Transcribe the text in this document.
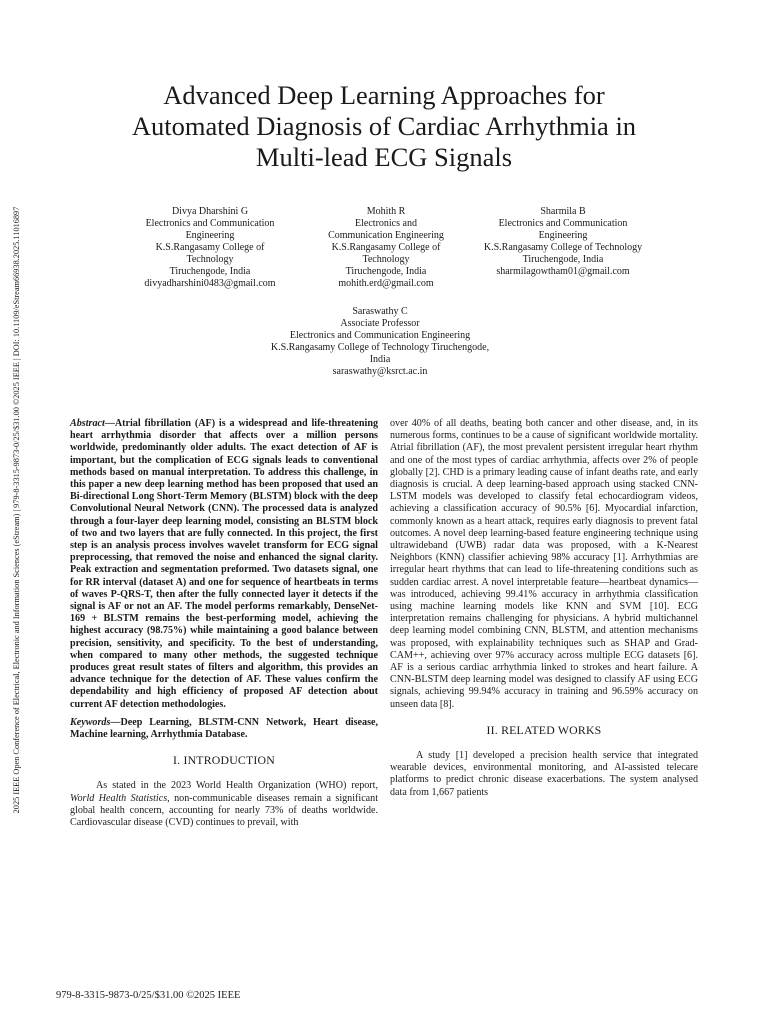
2025 IEEE Open Conference of Electrical, Electronic and Information Sciences (eStream) | 979-8-3315-9873-0/25/$31.00 ©2025 IEEE | DOI: 10.1109/eStream66938.2025.11016897
Advanced Deep Learning Approaches for
Automated Diagnosis of Cardiac Arrhythmia in
Multi-lead ECG Signals
Divya Dharshini G
Electronics and Communication
Engineering
K.S.Rangasamy College of
Technology
Tiruchengode, India
divyadharshini0483@gmail.com
Mohith R
Electronics and
Communication Engineering
K.S.Rangasamy College of
Technology
Tiruchengode, India
mohith.erd@gmail.com
Sharmila B
Electronics and Communication
Engineering
K.S.Rangasamy College of Technology
Tiruchengode, India
sharmilagowtham01@gmail.com
Saraswathy C
Associate Professor
Electronics and Communication Engineering
K.S.Rangasamy College of Technology Tiruchengode,
India
saraswathy@ksrct.ac.in

Abstract—Atrial fibrillation (AF) is a widespread and life-threatening heart arrhythmia disorder that affects over a million persons worldwide, predominantly older adults. The exact detection of AF is important, but the complication of ECG signals leads to conventional methods based on manual interpretation. To address this challenge, in this paper a new deep learning method has been proposed that used an Bi-directional Long Short-Term Memory (BLSTM) block with the deep Convolutional Neural Network (CNN). The processed data is analyzed through a four-layer deep learning model, consisting an BLSTM block of two and two layers that are fully connected. In this project, the first step is an analysis process involves wavelet transform for ECG signal preprocessing, that removed the noise and enhanced the signal clarity. Peak extraction and segmentation preformed. Two datasets signal, one for RR interval (dataset A) and one for sequence of heartbeats in terms of waves P-QRS-T, then after the fully connected layer it detects if the signal is AF or not an AF. The model performs remarkably, DenseNet-169 + BLSTM remains the best-performing model, achieving the highest accuracy (98.75%) while maintaining a good balance between precision, sensitivity, and specificity. To the best of understanding, when compared to many other methods, the suggested technique produces great result states of filters and algorithm, this provides an advance technique for the detection of AF. These values confirm the dependability and high efficiency of proposed AF detection about current AF detection methodologies.

Keywords—Deep Learning, BLSTM-CNN Network, Heart disease, Machine learning, Arrhythmia Database.

I. INTRODUCTION

As stated in the 2023 World Health Organization (WHO) report, World Health Statistics, non-communicable diseases remain a significant global health concern, accounting for nearly 73% of deaths worldwide. Cardiovascular disease (CVD) continues to prevail, with

over 40% of all deaths, beating both cancer and other disease, and, in its numerous forms, continues to be a cause of significant worldwide mortality. Atrial fibrillation (AF), the most prevalent persistent irregular heart rhythm and one of the most types of cardiac arrhythmia, affects over 2% of people globally [2]. CHD is a primary leading cause of infant deaths rate, and early diagnosis is crucial. A deep learning-based approach using stacked CNN-LSTM models was developed to classify fetal echocardiogram videos, achieving a classification accuracy of 90.5% [6]. Myocardial infarction, commonly known as a heart attack, requires early diagnosis to prevent fatal outcomes. A novel deep learning-based feature engineering technique using ultrawideband (UWB) radar data was proposed, with a K-Nearest Neighbors (KNN) classifier achieving 98% accuracy [1]. Arrhythmias are irregular heart rhythms that can lead to life-threatening conditions such as sudden cardiac arrest. A novel interpretable feature—heartbeat dynamics—was introduced, achieving 99.41% accuracy in arrhythmia classification using machine learning models like KNN and SVM [10]. ECG interpretation remains challenging for physicians. A hybrid multichannel deep learning model combining CNN, BLSTM, and attention mechanisms was proposed, with explainability techniques such as SHAP and Grad-CAM++, achieving over 97% accuracy across multiple ECG datasets [6]. AF is a serious cardiac arrhythmia linked to strokes and heart failure. A CNN-BLSTM deep learning model was designed to classify AF using ECG signals, achieving 99.94% accuracy in training and 96.59% accuracy on unseen data [8].

II. RELATED WORKS

A study [1] developed a precision health service that integrated wearable devices, environmental monitoring, and AI-assisted telecare platforms to predict chronic disease exacerbations. The system analysed data from 1,667 patients

979-8-3315-9873-0/25/$31.00 ©2025 IEEE
